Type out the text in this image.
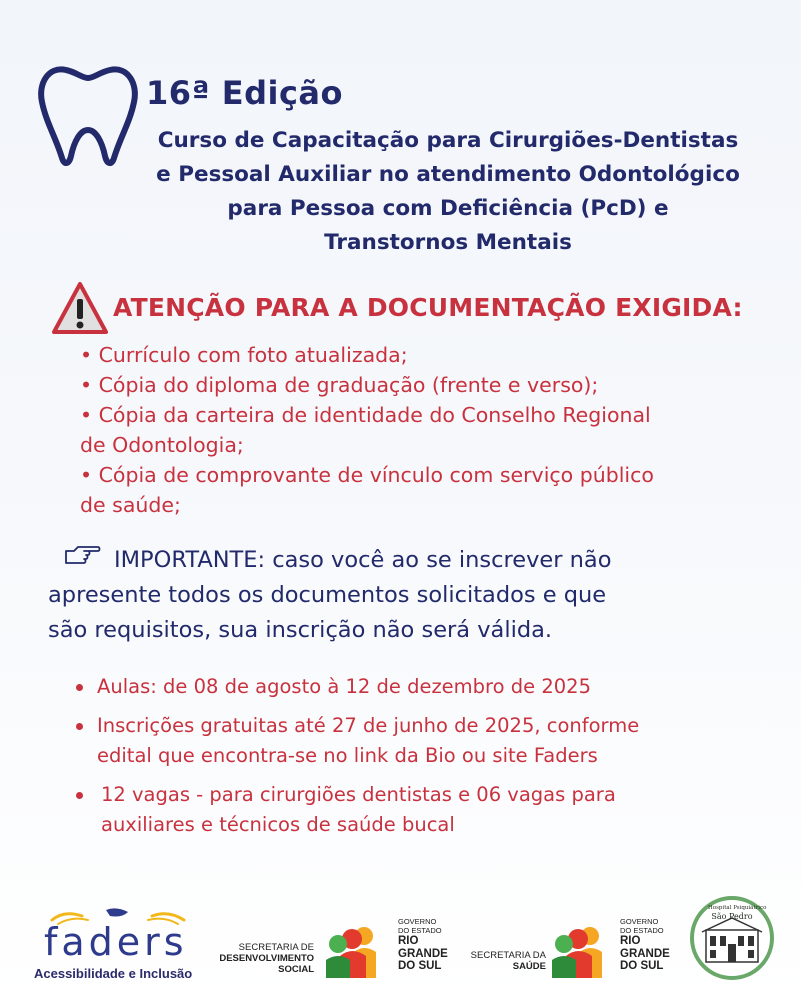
16ª Edição
Curso de Capacitação para Cirurgiões-Dentistas
e Pessoal Auxiliar no atendimento Odontológico
para Pessoa com Deficiência (PcD) e
Transtornos Mentais
ATENÇÃO PARA A DOCUMENTAÇÃO EXIGIDA:
• Currículo com foto atualizada;
• Cópia do diploma de graduação (frente e verso);
• Cópia da carteira de identidade do Conselho Regional
de Odontologia;
• Cópia de comprovante de vínculo com serviço público
de saúde;

IMPORTANTE: caso você ao se inscrever não
apresente todos os documentos solicitados e que
são requisitos, sua inscrição não será válida.

Aulas: de 08 de agosto à 12 de dezembro de 2025
Inscrições gratuitas até 27 de junho de 2025, conforme
edital que encontra-se no link da Bio ou site Faders
12 vagas - para cirurgiões dentistas e 06 vagas para
auxiliares e técnicos de saúde bucal

faders

Acessibilidade e Inclusão

SECRETARIA DE
DESENVOLVIMENTO
SOCIAL

GOVERNO
DO ESTADO
RIO
GRANDE
DO SUL

SECRETARIA DA
SAÚDE

GOVERNO
DO ESTADO
RIO
GRANDE
DO SUL

Hospital Psiquiátrico
São Pedro
